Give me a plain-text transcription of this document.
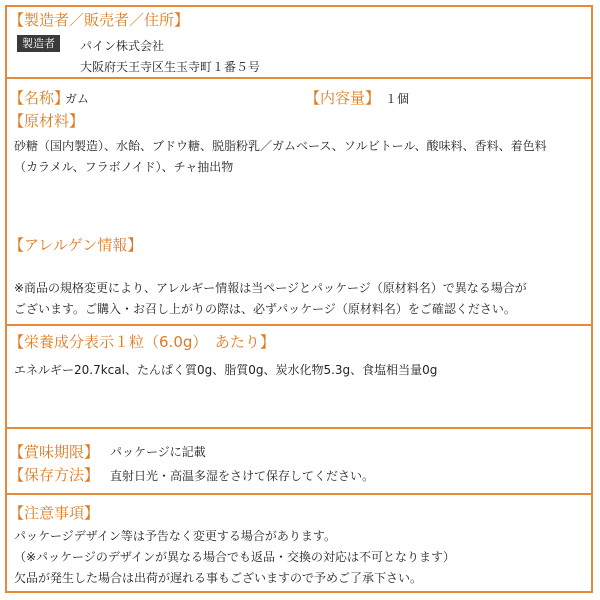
【製造者／販売者／住所】
製造者	パイン株式会社
大阪府天王寺区生玉寺町１番５号
【名称】
ガム	【内容量】 １個
【原材料】
砂糖（国内製造）、水飴、ブドウ糖、脱脂粉乳／ガムベース、ソルビトール、酸味料、香料、着色料
（カラメル、フラボノイド）、チャ抽出物
【アレルゲン情報】
※商品の規格変更により、アレルギー情報は当ページとパッケージ（原材料名）で異なる場合が
ございます。ご購入・お召し上がりの際は、必ずパッケージ（原材料名）をご確認ください。
【栄養成分表示１粒（6.0g）　あたり】
エネルギー20.7kcal、たんぱく質0g、脂質0g、炭水化物5.3g、食塩相当量0g
【賞味期限】 パッケージに記載
【保存方法】 直射日光・高温多湿をさけて保存してください。
【注意事項】
パッケージデザイン等は予告なく変更する場合があります。
（※パッケージのデザインが異なる場合でも返品・交換の対応は不可となります）
欠品が発生した場合は出荷が遅れる事もございますので予めご了承下さい。
